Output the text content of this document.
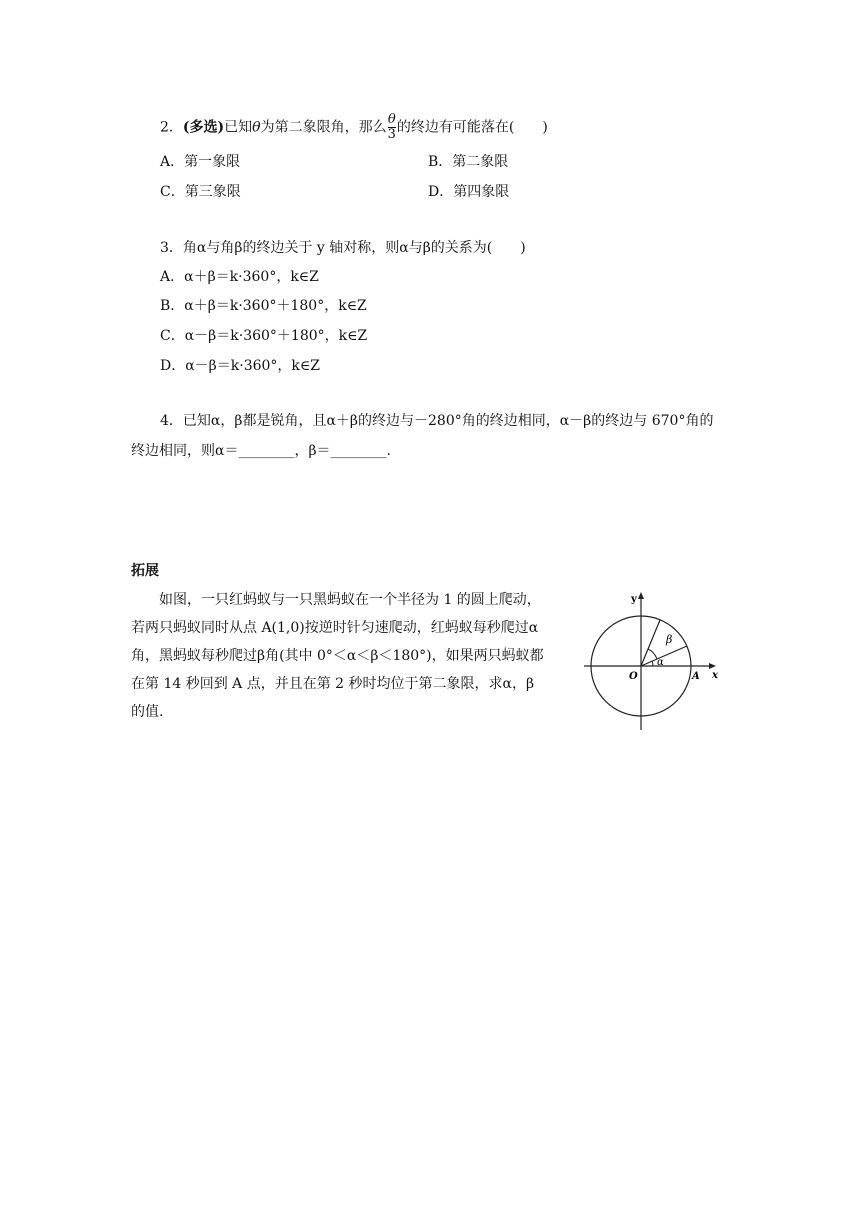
2．(多选)已知θ为第二象限角，那么 $\frac{\theta}{3}$ 的终边有可能落在(　　)
A．第一象限	B．第二象限
C．第三象限	D．第四象限
3．角α与角β的终边关于 y 轴对称，则α与β的关系为(　　)
A．α＋β＝k·360°，k∈Z
B．α＋β＝k·360°＋180°，k∈Z
C．α－β＝k·360°＋180°，k∈Z
D．α－β＝k·360°，k∈Z
4．已知α，β都是锐角，且α＋β的终边与－280°角的终边相同，α－β的终边与 670°角的
终边相同，则α＝________，β＝________.
拓展
　　如图，一只红蚂蚁与一只黑蚂蚁在一个半径为 1 的圆上爬动，
若两只蚂蚁同时从点 A(1,0)按逆时针匀速爬动，红蚂蚁每秒爬过α
角，黑蚂蚁每秒爬过β角(其中 0°＜α＜β＜180°)，如果两只蚂蚁都
在第 14 秒回到 A 点，并且在第 2 秒时均位于第二象限，求α，β
的值.
y
x
O	A
α
β
